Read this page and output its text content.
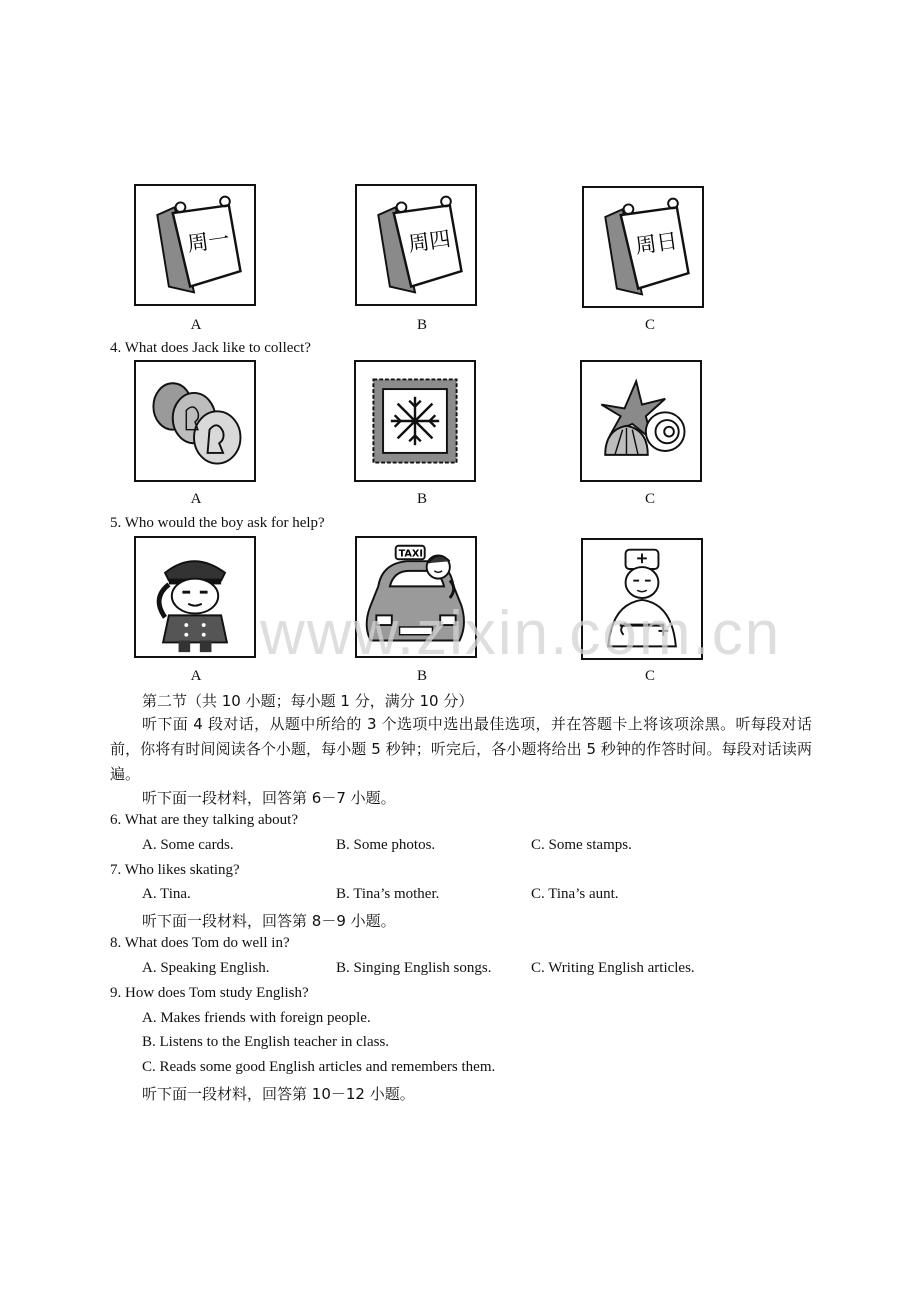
周一	周四	周日
A	B	C
4. What does Jack like to collect?
A	B	C
5. Who would the boy ask for help?
TAXI
A	B	C
www.zixin.com.cn
第二节（共 10 小题；每小题 1 分，满分 10 分）
听下面 4 段对话，从题中所给的 3 个选项中选出最佳选项，并在答题卡上将该项涂黑。听每段对话前，你将有时间阅读各个小题，每小题 5 秒钟；听完后，各小题将给出 5 秒钟的作答时间。每段对话读两遍。
听下面一段材料，回答第 6－7 小题。
6. What are they talking about?
A. Some cards.	B. Some photos.	C. Some stamps.
7. Who likes skating?
A. Tina.	B. Tina’s mother.	C. Tina’s aunt.
听下面一段材料，回答第 8－9 小题。
8. What does Tom do well in?
A. Speaking English.	B. Singing English songs.	C. Writing English articles.
9. How does Tom study English?
A. Makes friends with foreign people.
B. Listens to the English teacher in class.
C. Reads some good English articles and remembers them.
听下面一段材料，回答第 10－12 小题。
